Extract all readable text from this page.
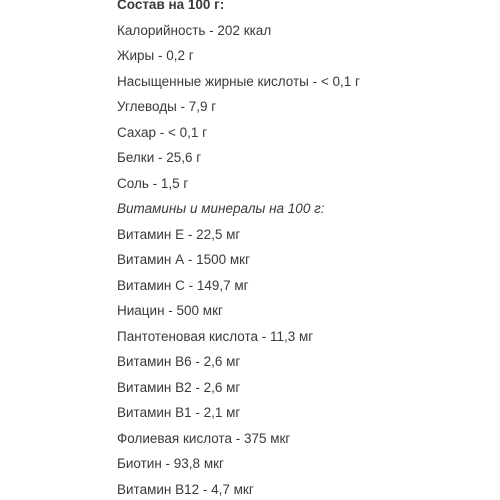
Состав на 100 г:
Калорийность - 202 ккал
Жиры - 0,2 г
Насыщенные жирные кислоты - < 0,1 г
Углеводы - 7,9 г
Сахар - < 0,1 г
Белки - 25,6 г
Соль - 1,5 г
Витамины и минералы на 100 г:
Витамин Е - 22,5 мг
Витамин А - 1500 мкг
Витамин С - 149,7 мг
Ниацин - 500 мкг
Пантотеновая кислота - 11,3 мг
Витамин В6 - 2,6 мг
Витамин В2 - 2,6 мг
Витамин В1 - 2,1 мг
Фолиевая кислота - 375 мкг
Биотин - 93,8 мкг
Витамин В12 - 4,7 мкг
